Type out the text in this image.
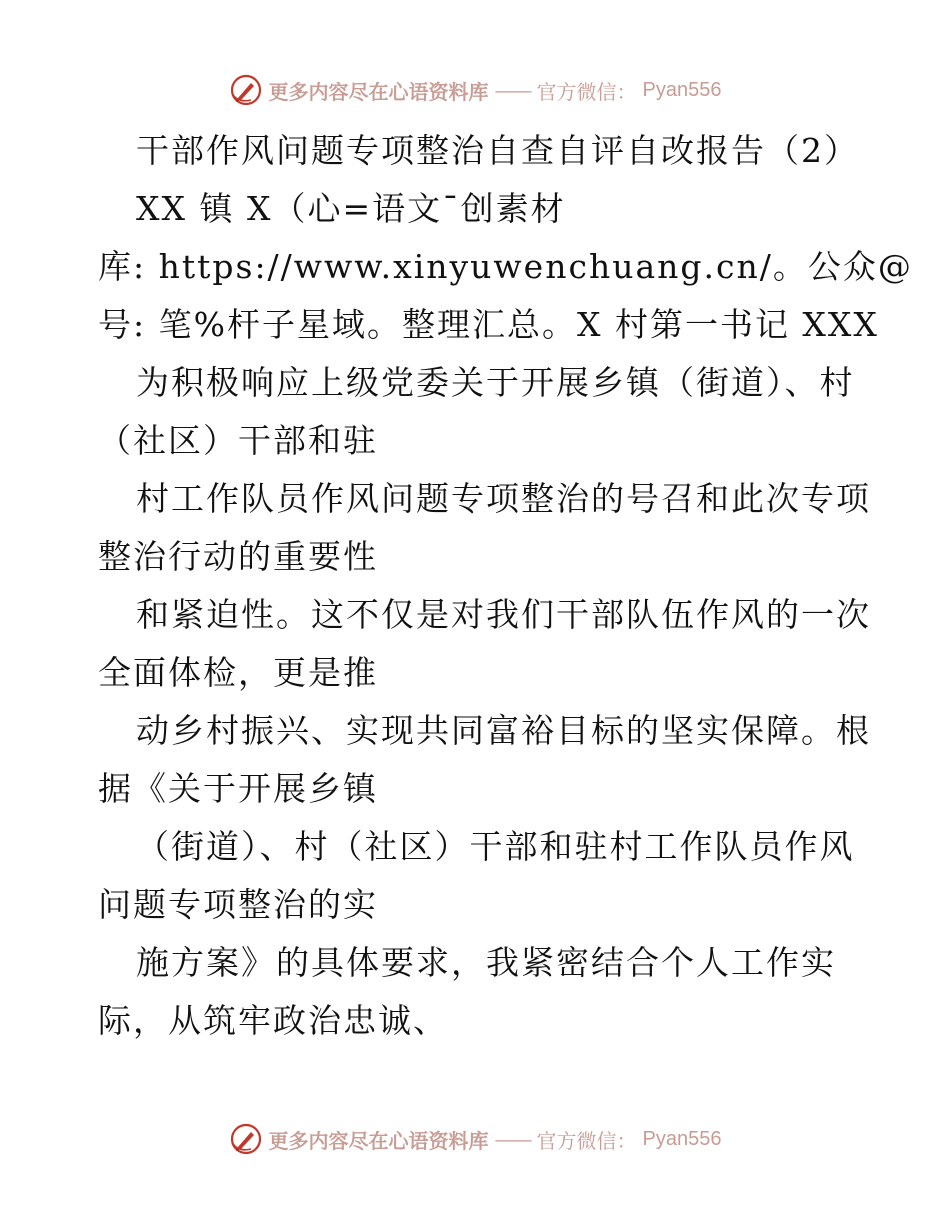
更多内容尽在心语资料库 —— 官方微信： Pyan556
干部作风问题专项整治自查自评自改报告（2）
XX 镇 X（心=语文¯创素材
库: https://www.xinyuwenchuang.cn/。公众@
号: 笔%杆子星域。整理汇总。X 村第一书记 XXX
为积极响应上级党委关于开展乡镇（街道）、村
（社区）干部和驻
村工作队员作风问题专项整治的号召和此次专项
整治行动的重要性
和紧迫性。这不仅是对我们干部队伍作风的一次
全面体检，更是推
动乡村振兴、实现共同富裕目标的坚实保障。根
据《关于开展乡镇
（街道）、村（社区）干部和驻村工作队员作风
问题专项整治的实
施方案》的具体要求，我紧密结合个人工作实
际，从筑牢政治忠诚、
更多内容尽在心语资料库 —— 官方微信： Pyan556
